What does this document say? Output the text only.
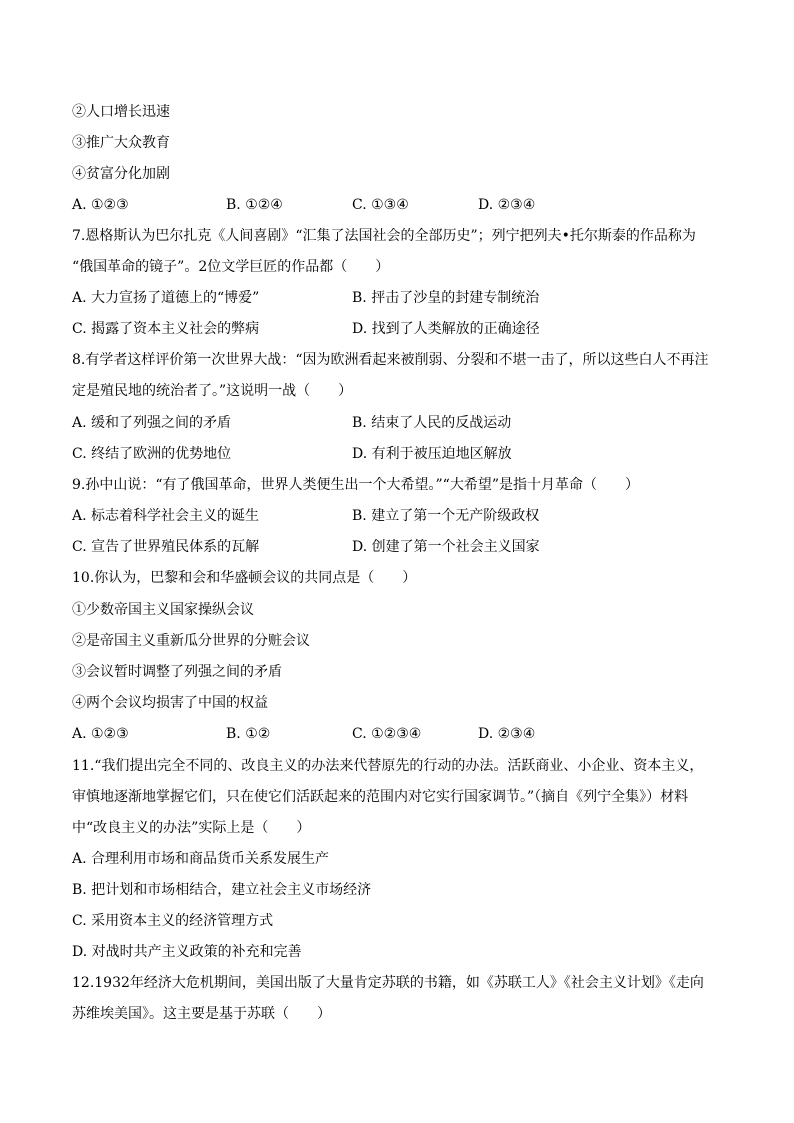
②人口增长迅速
③推广大众教育
④贫富分化加剧
A. ①②③	B. ①②④	C. ①③④	D. ②③④
7.恩格斯认为巴尔扎克《人间喜剧》“汇集了法国社会的全部历史”；列宁把列夫•托尔斯泰的作品称为
“俄国革命的镜子”。2位文学巨匠的作品都（　　）
A. 大力宣扬了道德上的“博爱”	B. 抨击了沙皇的封建专制统治
C. 揭露了资本主义社会的弊病	D. 找到了人类解放的正确途径
8.有学者这样评价第一次世界大战：“因为欧洲看起来被削弱、分裂和不堪一击了，所以这些白人不再注
定是殖民地的统治者了。”这说明一战（　　）
A. 缓和了列强之间的矛盾	B. 结束了人民的反战运动
C. 终结了欧洲的优势地位	D. 有利于被压迫地区解放
9.孙中山说：“有了俄国革命，世界人类便生出一个大希望。”“大希望”是指十月革命（　　）
A. 标志着科学社会主义的诞生	B. 建立了第一个无产阶级政权
C. 宣告了世界殖民体系的瓦解	D. 创建了第一个社会主义国家
10.你认为，巴黎和会和华盛顿会议的共同点是（　　）
①少数帝国主义国家操纵会议
②是帝国主义重新瓜分世界的分赃会议
③会议暂时调整了列强之间的矛盾
④两个会议均损害了中国的权益
A. ①②③	B. ①②	C. ①②③④	D. ②③④
11.“我们提出完全不同的、改良主义的办法来代替原先的行动的办法。活跃商业、小企业、资本主义，
审慎地逐渐地掌握它们，只在使它们活跃起来的范围内对它实行国家调节。”（摘自《列宁全集》）材料
中“改良主义的办法”实际上是（　　）
A. 合理利用市场和商品货币关系发展生产
B. 把计划和市场相结合，建立社会主义市场经济
C. 采用资本主义的经济管理方式
D. 对战时共产主义政策的补充和完善
12.1932年经济大危机期间，美国出版了大量肯定苏联的书籍，如《苏联工人》《社会主义计划》《走向
苏维埃美国》。这主要是基于苏联（　　）
